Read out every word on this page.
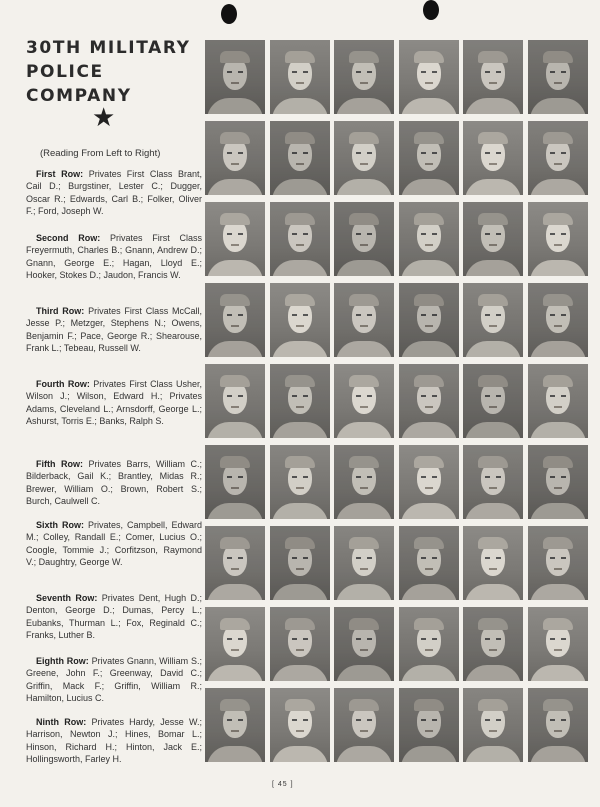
30TH MILITARY
POLICE COMPANY
★
(Reading From Left to Right)

First Row: Privates First Class Brant, Cail D.; Burgstiner, Lester C.; Dugger, Oscar R.; Edwards, Carl B.; Folker, Oliver F.; Ford, Joseph W.

Second Row: Privates First Class Freyermuth, Charles B.; Gnann, Andrew D.; Gnann, George E.; Hagan, Lloyd E.; Hooker, Stokes D.; Jaudon, Francis W.

Third Row: Privates First Class McCall, Jesse P.; Metzger, Stephens N.; Owens, Benjamin F.; Pace, George R.; Shearouse, Frank L.; Tebeau, Russell W.

Fourth Row: Privates First Class Usher, Wilson J.; Wilson, Edward H.; Privates Adams, Cleveland L.; Arnsdorff, George L.; Ashurst, Torris E.; Banks, Ralph S.

Fifth Row: Privates Barrs, William C.; Bilderback, Gail K.; Brantley, Midas R.; Brewer, William O.; Brown, Robert S.; Burch, Caulwell C.

Sixth Row: Privates, Campbell, Edward M.; Colley, Randall E.; Comer, Lucius O.; Coogle, Tommie J.; Corfitzson, Raymond V.; Daughtry, George W.

Seventh Row: Privates Dent, Hugh D.; Denton, George D.; Dumas, Percy L.; Eubanks, Thurman L.; Fox, Reginald C.; Franks, Luther B.

Eighth Row: Privates Gnann, William S.; Greene, John F.; Greenway, David C.; Griffin, Mack F.; Griffin, William R.; Hamilton, Lucius C.

Ninth Row: Privates Hardy, Jesse W.; Harrison, Newton J.; Hines, Bomar L.; Hinson, Richard H.; Hinton, Jack E.; Hollingsworth, Farley H.

[ 45 ]
